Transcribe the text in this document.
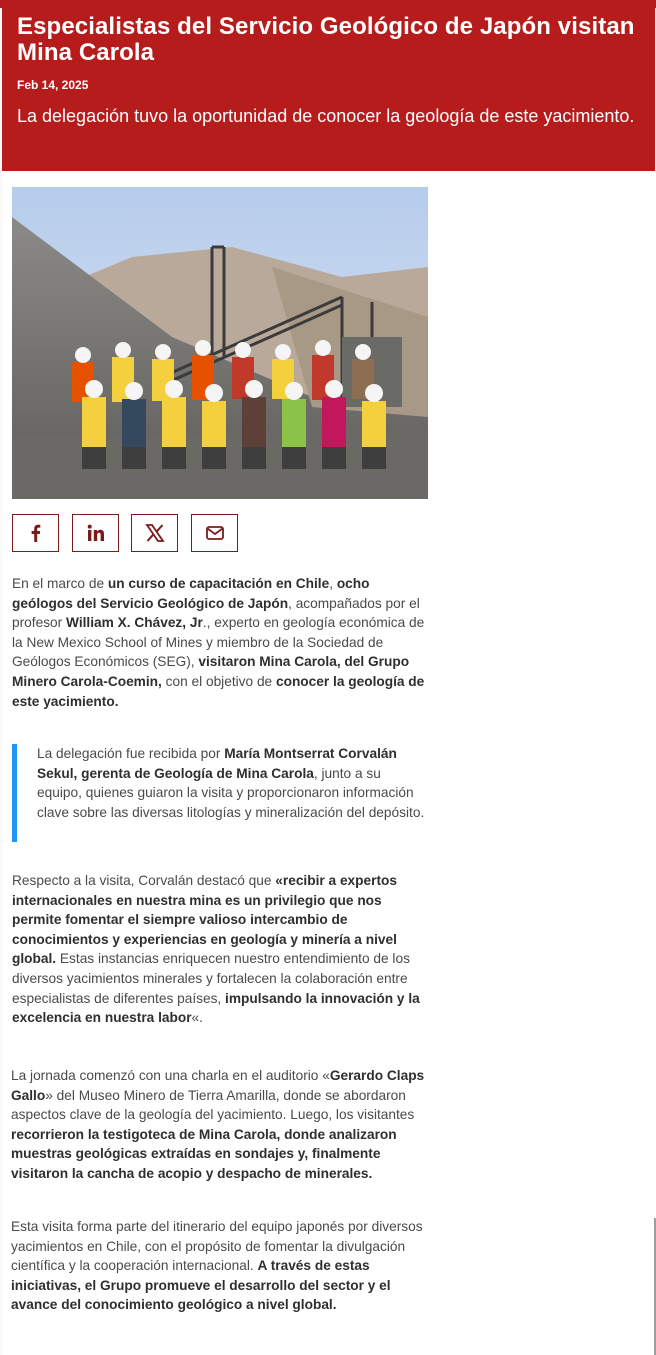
Especialistas del Servicio Geológico de Japón visitan Mina Carola
Feb 14, 2025
La delegación tuvo la oportunidad de conocer la geología de este yacimiento.

En el marco de un curso de capacitación en Chile, ocho geólogos del Servicio Geológico de Japón, acompañados por el profesor William X. Chávez, Jr., experto en geología económica de la New Mexico School of Mines y miembro de la Sociedad de Geólogos Económicos (SEG), visitaron Mina Carola, del Grupo Minero Carola-Coemin, con el objetivo de conocer la geología de este yacimiento.

La delegación fue recibida por María Montserrat Corvalán Sekul, gerenta de Geología de Mina Carola, junto a su equipo, quienes guiaron la visita y proporcionaron información clave sobre las diversas litologías y mineralización del depósito.

Respecto a la visita, Corvalán destacó que «recibir a expertos internacionales en nuestra mina es un privilegio que nos permite fomentar el siempre valioso intercambio de conocimientos y experiencias en geología y minería a nivel global. Estas instancias enriquecen nuestro entendimiento de los diversos yacimientos minerales y fortalecen la colaboración entre especialistas de diferentes países, impulsando la innovación y la excelencia en nuestra labor«.

La jornada comenzó con una charla en el auditorio «Gerardo Claps Gallo» del Museo Minero de Tierra Amarilla, donde se abordaron aspectos clave de la geología del yacimiento. Luego, los visitantes recorrieron la testigoteca de Mina Carola, donde analizaron muestras geológicas extraídas en sondajes y, finalmente visitaron la cancha de acopio y despacho de minerales.

Esta visita forma parte del itinerario del equipo japonés por diversos yacimientos en Chile, con el propósito de fomentar la divulgación científica y la cooperación internacional. A través de estas iniciativas, el Grupo promueve el desarrollo del sector y el avance del conocimiento geológico a nivel global.
